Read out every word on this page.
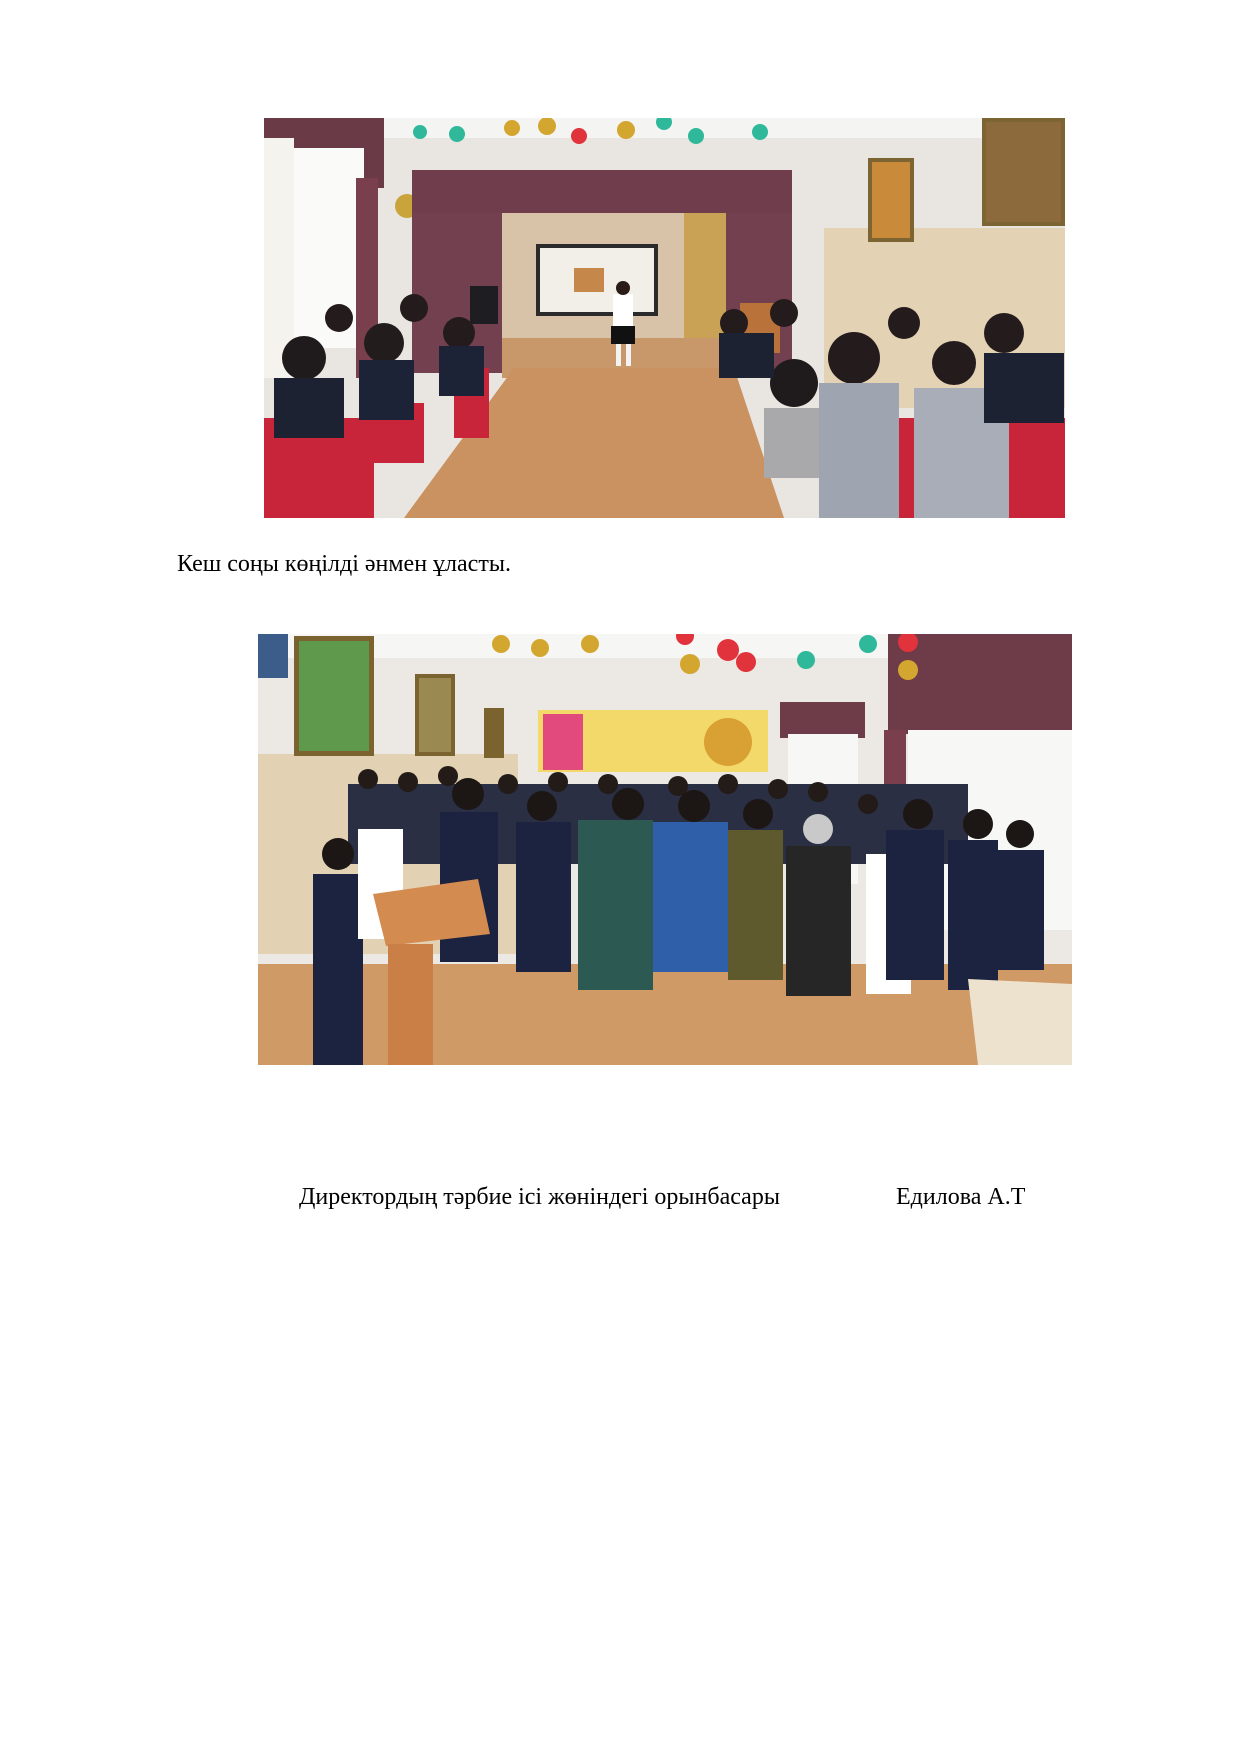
Кеш соңы көңілді әнмен ұласты.
Директордың тәрбие ісі жөніндегі орынбасары	Едилова А.Т
